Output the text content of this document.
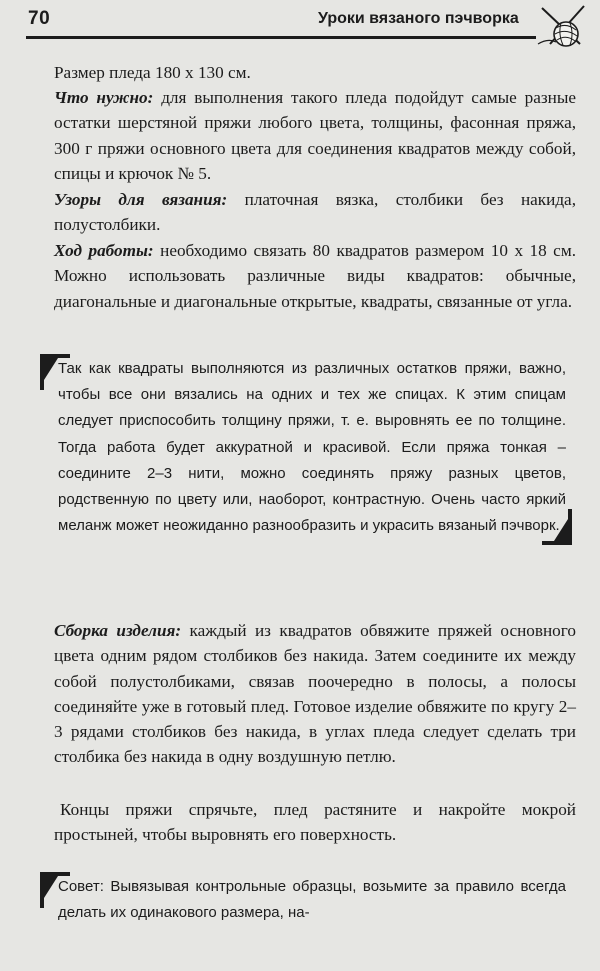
70	Уроки вязаного пэчворка

Размер пледа 180 х 130 см.

Что нужно: для выполнения такого пледа подойдут самые разные остатки шерстяной пряжи любого цвета, толщины, фасонная пряжа, 300 г пряжи основного цвета для соединения квадратов между собой, спицы и крючок № 5.

Узоры для вязания: платочная вязка, столбики без накида, полустолбики.

Ход работы: необходимо связать 80 квадратов размером 10 х 18 см. Можно использовать различные виды квадратов: обычные, диагональные и диагональные открытые, квадраты, связанные от угла.

Так как квадраты выполняются из различных остатков пряжи, важно, чтобы все они вязались на одних и тех же спицах. К этим спицам следует приспособить толщину пряжи, т. е. выровнять ее по толщине. Тогда работа будет аккуратной и красивой. Если пряжа тонкая – соедините 2–3 нити, можно соединять пряжу разных цветов, родственную по цвету или, наоборот, контрастную. Очень часто яркий меланж может неожиданно разнообразить и украсить вязаный пэчворк.

Сборка изделия: каждый из квадратов обвяжите пряжей основного цвета одним рядом столбиков без накида. Затем соедините их между собой полустолбиками, связав поочередно в полосы, а полосы соединяйте уже в готовый плед. Готовое изделие обвяжите по кругу 2–3 рядами столбиков без накида, в углах пледа следует сделать три столбика без накида в одну воздушную петлю.

Концы пряжи спрячьте, плед растяните и накройте мокрой простыней, чтобы выровнять его поверхность.

Совет: Вывязывая контрольные образцы, возьмите за правило всегда делать их одинакового размера, на-
